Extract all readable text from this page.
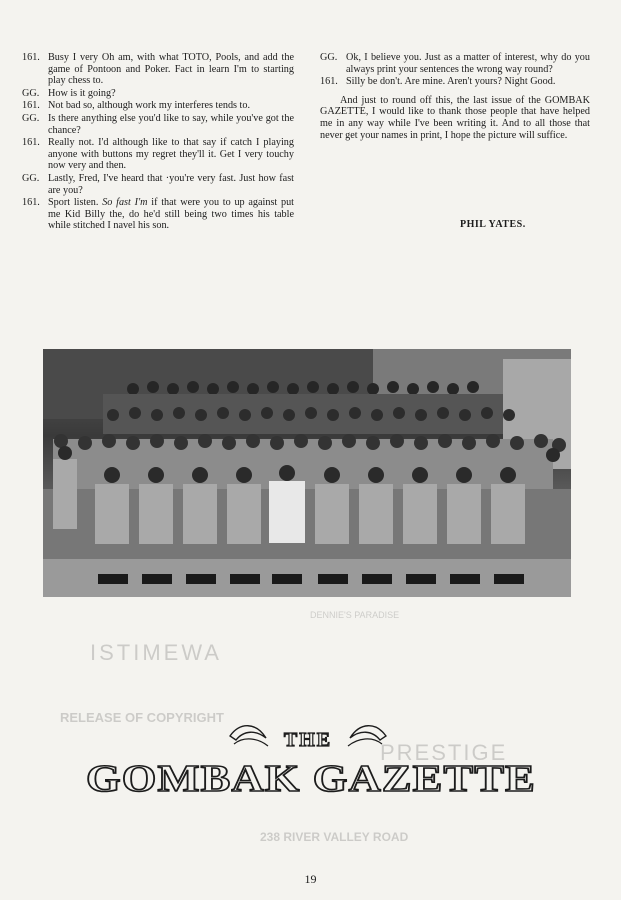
161. Busy I very Oh am, with what TOTO, Pools, and add the game of Pontoon and Poker. Fact in learn I'm to starting play chess to.
GG. How is it going?
161. Not bad so, although work my interferes tends to.
GG. Is there anything else you'd like to say, while you've got the chance?
161. Really not. I'd although like to that say if catch I playing anyone with buttons my regret they'll it. Get I very touchy now very and then.
GG. Lastly, Fred, I've heard that ·you're very fast. Just how fast are you?
161. Sport listen. So fast I'm if that were you to up against put me Kid Billy the, do he'd still being two times his table while stitched I navel his son.
GG. Ok, I believe you. Just as a matter of interest, why do you always print your sentences the wrong way round?
161. Silly be don't. Are mine. Aren't yours? Night Good.
And just to round off this, the last issue of the GOMBAK GAZETTE, I would like to thank those people that have helped me in any way while I've been writing it. And to all those that never get your names in print, I hope the picture will suffice.
PHIL YATES.
DENNIE'S PARADISE
ISTIMEWA
RELEASE OF COPYRIGHT
PRESTIGE
238 RIVER VALLEY ROAD
THE
GOMBAK GAZETTE
19
